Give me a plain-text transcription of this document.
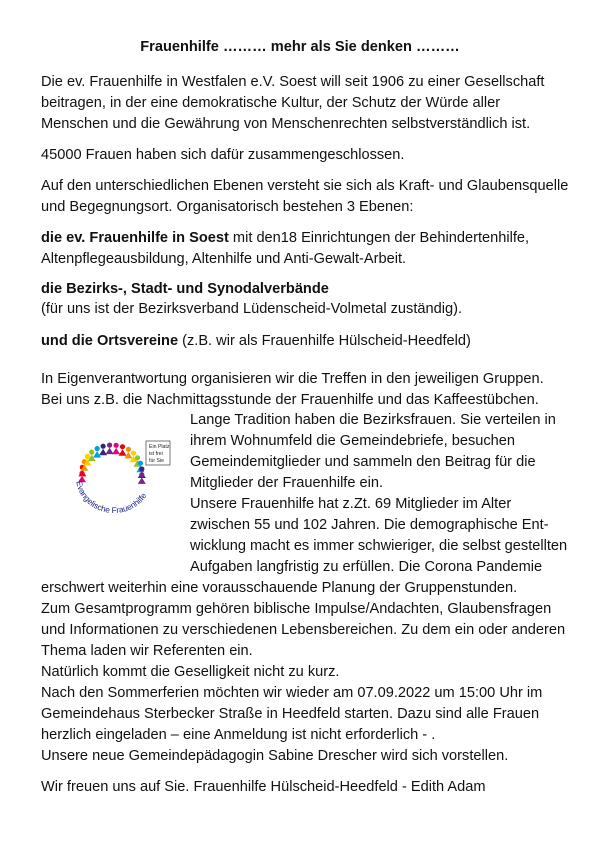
Frauenhilfe ……… mehr als Sie denken ………
Die ev. Frauenhilfe in Westfalen e.V. Soest will seit 1906 zu einer Gesellschaft
beitragen, in der eine demokratische Kultur, der Schutz der Würde aller
Menschen und die Gewährung von Menschenrechten selbstverständlich ist.
45000 Frauen haben sich dafür zusammengeschlossen.
Auf den unterschiedlichen Ebenen versteht sie sich als Kraft- und Glaubensquelle
und Begegnungsort. Organisatorisch bestehen 3 Ebenen:
die ev. Frauenhilfe in Soest mit den18 Einrichtungen der Behindertenhilfe,
Altenpflegeausbildung, Altenhilfe und Anti-Gewalt-Arbeit.
die Bezirks-, Stadt- und Synodalverbände
(für uns ist der Bezirksverband Lüdenscheid-Volmetal zuständig).
und die Ortsvereine (z.B. wir als Frauenhilfe Hülscheid-Heedfeld)
In Eigenverantwortung organisieren wir die Treffen in den jeweiligen Gruppen.
Bei uns z.B. die Nachmittagsstunde der Frauenhilfe und das Kaffeestübchen.
Lange Tradition haben die Bezirksfrauen. Sie verteilen in
ihrem Wohnumfeld die Gemeindebriefe, besuchen
Gemeindemitglieder und sammeln den Beitrag für die
Mitglieder der Frauenhilfe ein.
Unsere Frauenhilfe hat z.Zt. 69 Mitglieder im Alter
zwischen 55 und 102 Jahren. Die demographische Ent-
wicklung macht es immer schwieriger, die selbst gestellten
Aufgaben langfristig zu erfüllen. Die Corona Pandemie
erschwert weiterhin eine vorausschauende Planung der Gruppenstunden.
Zum Gesamtprogramm gehören biblische Impulse/Andachten, Glaubensfragen
und Informationen zu verschiedenen Lebensbereichen. Zu dem ein oder anderen
Thema laden wir Referenten ein.
Natürlich kommt die Geselligkeit nicht zu kurz.
Nach den Sommerferien möchten wir wieder am 07.09.2022 um 15:00 Uhr im
Gemeindehaus Sterbecker Straße in Heedfeld starten. Dazu sind alle Frauen
herzlich eingeladen – eine Anmeldung ist nicht erforderlich - .
Unsere neue Gemeindepädagogin Sabine Drescher wird sich vorstellen.
Wir freuen uns auf Sie. Frauenhilfe Hülscheid-Heedfeld - Edith Adam
Evangelische Frauenhilfe
Ein Platz ist frei für Sie
